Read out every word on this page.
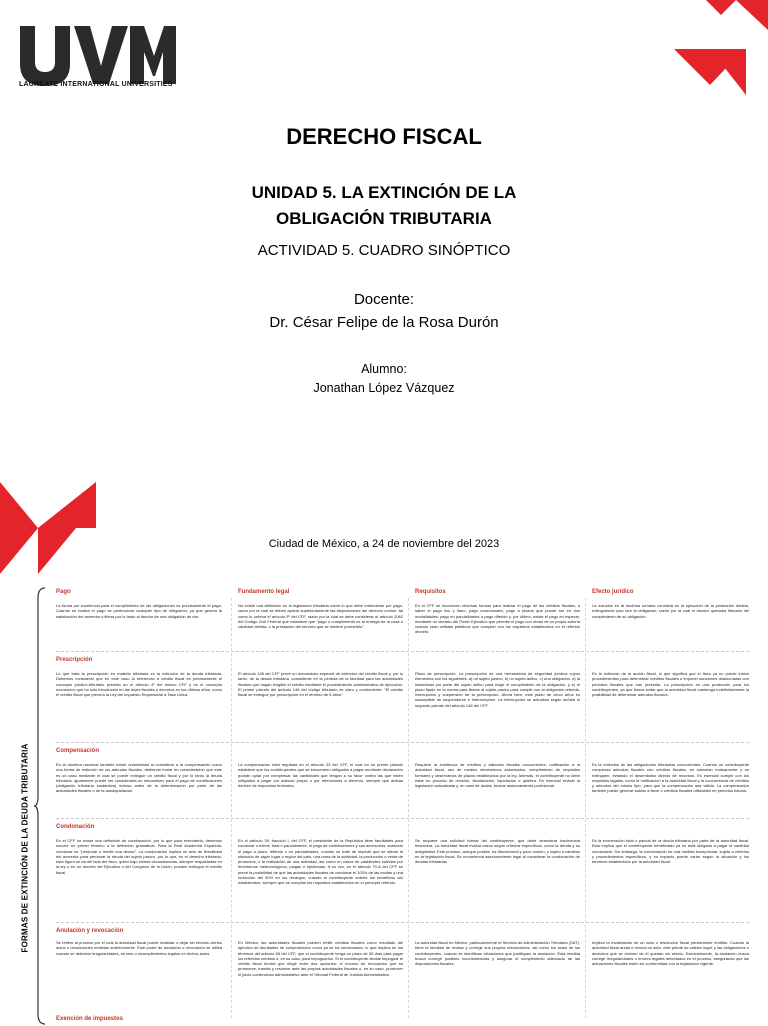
LAUREATE INTERNATIONAL UNIVERSITIES
DERECHO FISCAL
UNIDAD 5. LA EXTINCIÓN DE LA
OBLIGACIÓN TRIBUTARIA
ACTIVIDAD 5. CUADRO SINÓPTICO
Docente:
Dr. César Felipe de la Rosa Durón
Alumno:
Jonathan López Vázquez
Ciudad de México, a 24 de noviembre del 2023
FORMAS DE EXTINCIÓN DE LA DEUDA TRIBUTARIA
Pago	Fundamento legal	Requisitos	Efecto jurídico
La forma por excelencia para el cumplimiento de las obligaciones es precisamente el pago. Cuando se realiza el pago se perfecciona cualquier tipo de obligación, ya que genera la satisfacción del acreedor y libera por lo tanto al deudor de una obligación de dar.
No existe una definición en la legislación tributaria sobre lo que debe entenderse por pago, razón por la cual se deben aplicar supletoriamente las disposiciones del derecho común, tal como lo ordena el artículo 5º del CFF, razón por la cual se debe considerar el artículo 2062 del Código Civil Federal que establece que "pago o cumplimiento es la entrega de la cosa o cantidad debida, o la prestación del servicio que se hubiere prometido".
En el CFF se reconocen diversas formas para realizar el pago de los créditos fiscales, a saber el pago liso y llano, pago coaccionado, pago a plazos que puede ser en dos modalidades: pago en parcialidades o pago diferido y, por último, existe el pago en especie, mediante un decreto del Poder Ejecutivo que permite el pago con obras de su propia autoría cuando sean artistas plásticos que cumplan con los requisitos establecidos en el referido decreto.
La solución en la doctrina romana consistía en la ejecución de la prestación debida, extinguiendo ipso iure la obligación, razón por la cual el deudor quedaba liberado del cumplimiento de su obligación.
Prescripción
Lo que trata la prescripción en materia tributaria es la extinción de la deuda tributaria. Debemos considerar que en este caso la referencia a crédito fiscal es precisamente el concepto jurídico-tributario previsto en el artículo 4º del mismo CFF y no el concepto económico que ha sido introducido en las leyes fiscales y decretos en los últimos años, como el crédito fiscal que preveía la Ley del Impuesto Empresarial a Tasa Única.
El artículo 146 del CFF prevé un mecanismo especial de extinción del crédito fiscal y, por lo tanto, de la deuda tributaria, consistente en la pérdida de la facultad para las autoridades fiscales que hagan exigible el crédito mediante el procedimiento administrativo de ejecución. El primer párrafo del artículo 146 del código tributario es claro y contundente: "El crédito fiscal se extingue por prescripción en el término de 5 años".
Plazo de prescripción. La prescripción es una herramienta de seguridad jurídica cuyos elementos son los siguientes: a) un sujeto pasivo, b) un sujeto activo, c) una obligación, d) la inactividad por parte del sujeto activo para exigir el cumplimiento de la obligación, y e) el plazo fijado en la norma para liberar al sujeto pasivo para cumplir con la obligación referida. Interrupción y suspensión de la prescripción. Ahora bien, este plazo de cinco años es susceptible de suspenderse e interrumpirse. La interrupción se actualiza según señala el segundo párrafo del artículo 146 del CFF.
Es la extinción de la acción fiscal, lo que significa que el fisco ya no puede iniciar procedimientos para determinar créditos fiscales o imponer sanciones relacionadas con periodos fiscales que han prescrito. La prescripción es una protección para los contribuyentes, ya que busca evitar que la autoridad fiscal mantenga indefinidamente la posibilidad de determinar adeudos fiscales.
Compensación
En la doctrina nacional también existe unanimidad al considerar a la compensación como una forma de extinción de los adeudos fiscales, debiendo tomar en consideración que este es un caso mediante el cual se puede extinguir un crédito fiscal y por lo tanto la deuda tributaria, igualmente puede ser considerada un mecanismo para el pago de contribuciones (obligación tributaria sustantiva) incluso antes de la determinación por parte de las autoridades fiscales o de la autoliquidación.
La compensación está regulada en el artículo 23 del CFF, el cual en su primer párrafo establece que los contribuyentes que se encuentren obligados a pagar mediante declaración podrán optar por compensar las cantidades que tengan a su favor contra las que estén obligados a pagar por adeudo propio o por retenciones a terceros, siempre que ambas deriven de impuestos federales.
Requiere la existencia de créditos y adeudos fiscales concurrentes, notificación a la autoridad fiscal, uso de medios electrónicos autorizados, cumplimiento de requisitos formales y observancia de plazos establecidos por la ley. Además, el contribuyente no debe estar en proceso de revisión, fiscalización, liquidación o quiebra. Es esencial revisar la legislación actualizada y, en caso de dudas, buscar asesoramiento profesional.
Es la extinción de las obligaciones tributarias concurrentes. Cuando un contribuyente compensa adeudos fiscales con créditos fiscales, se cancelan mutuamente y se extinguen, evitando el desembolso directo de recursos. Es esencial cumplir con los requisitos legales, como la notificación a la autoridad fiscal y la concurrencia de créditos y adeudos del mismo tipo, para que la compensación sea válida. La compensación también puede generar saldos a favor o créditos fiscales utilizables en periodos futuros.
Condonación
En el CFF no existe una definición de condonación, por lo que para entenderla, debemos recurrir en primer término a la definición gramatical. Para la Real Academia Española, condonar es "perdonar o remitir una deuda". La condonación implica un acto de liberalidad del acreedor para perdonar la deuda del sujeto pasivo, por lo que, en el derecho tributario, esta figura se da del lado del fisco, quien bajo ciertas circunstancias, siempre respaldadas en la ley o en un decreto del Ejecutivo o del Congreso de la Unión, pueden extinguir el crédito fiscal.
En el artículo 39, fracción I, del CFF, el presidente de la República tiene facultades para condonar o eximir, total o parcialmente, el pago de contribuciones y sus accesorios, autorizar el pago a plazo, diferido o en parcialidades, cuando se trate de impedir que se afecte la situación de algún lugar o región del país, una rama de la actividad, la producción o venta de productos, o la realización de una actividad, así como en casos de catástrofes sufridas por fenómenos meteorológicos, plagas o epidemias. A su vez, en el artículo 70-A del CFF se prevé la posibilidad de que las autoridades fiscales de condonar el 100% de las multas y una reducción del 50% en los recargos, cuando el contribuyente solicite los beneficios ahí establecidos, siempre que se cumplan los requisitos establecidos en el precepto referido.
Se requiere una solicitud formal del contribuyente, que debe demostrar insolvencia financiera. La autoridad fiscal evalúa casos según criterios específicos, como la deuda y su antigüedad. Este proceso, aunque posible, es discrecional y poco común, y sujeto a cambios en la legislación fiscal. Se recomienda asesoramiento legal al considerar la condonación de deudas tributarias.
Es la exoneración total o parcial de la deuda tributaria por parte de la autoridad fiscal. Esto implica que el contribuyente beneficiado ya no está obligado a pagar la cantidad condonada. Sin embargo, la condonación es una medida excepcional, sujeta a criterios y procedimientos específicos, y su impacto puede variar según la situación y los términos establecidos por la autoridad fiscal.
Anulación y revocación
Se refiere al proceso por el cual la autoridad fiscal puede invalidar o dejar sin efectos ciertos actos o resoluciones emitidas anteriormente. Este poder de anulación o revocación se utiliza cuando se detectan irregularidades, errores o incumplimientos legales en dichos actos.
En México, las autoridades fiscales pueden emitir créditos fiscales como resultado del ejercicio de facultades de comprobación como ya se ha mencionado, lo que implica en los términos del artículo 65 del CFF, que el contribuyente tenga un plazo de 30 días para pagar los referidos créditos o, en su caso, para impugnarlos. Si el contribuyente decide impugnar el crédito fiscal tendrá que elegir entre dos opciones: el recurso de revocación que se promueve, tramita y resuelve ante las propias autoridades fiscales o, en su caso, promover el juicio contencioso administrativo ante el Tribunal Federal de Justicia Administrativa.
La autoridad fiscal en México, particularmente el Servicio de Administración Tributaria (SAT), tiene la facultad de revisar y corregir sus propias resoluciones, así como los actos de los contribuyentes, cuando se identifican situaciones que justifiquen la anulación. Esta medida busca corregir posibles inconsistencias y asegurar el cumplimiento adecuado de las disposiciones fiscales.
Implica la invalidación de un acto o resolución fiscal previamente emitido. Cuando la autoridad fiscal anula o revoca un acto, este pierde su validez legal, y las obligaciones o derechos que se deriven de él quedan sin efecto. Esencialmente, la anulación busca corregir irregularidades o errores legales detectados en el proceso, asegurando que las actuaciones fiscales estén en conformidad con la legislación vigente.
Exención de impuestos
